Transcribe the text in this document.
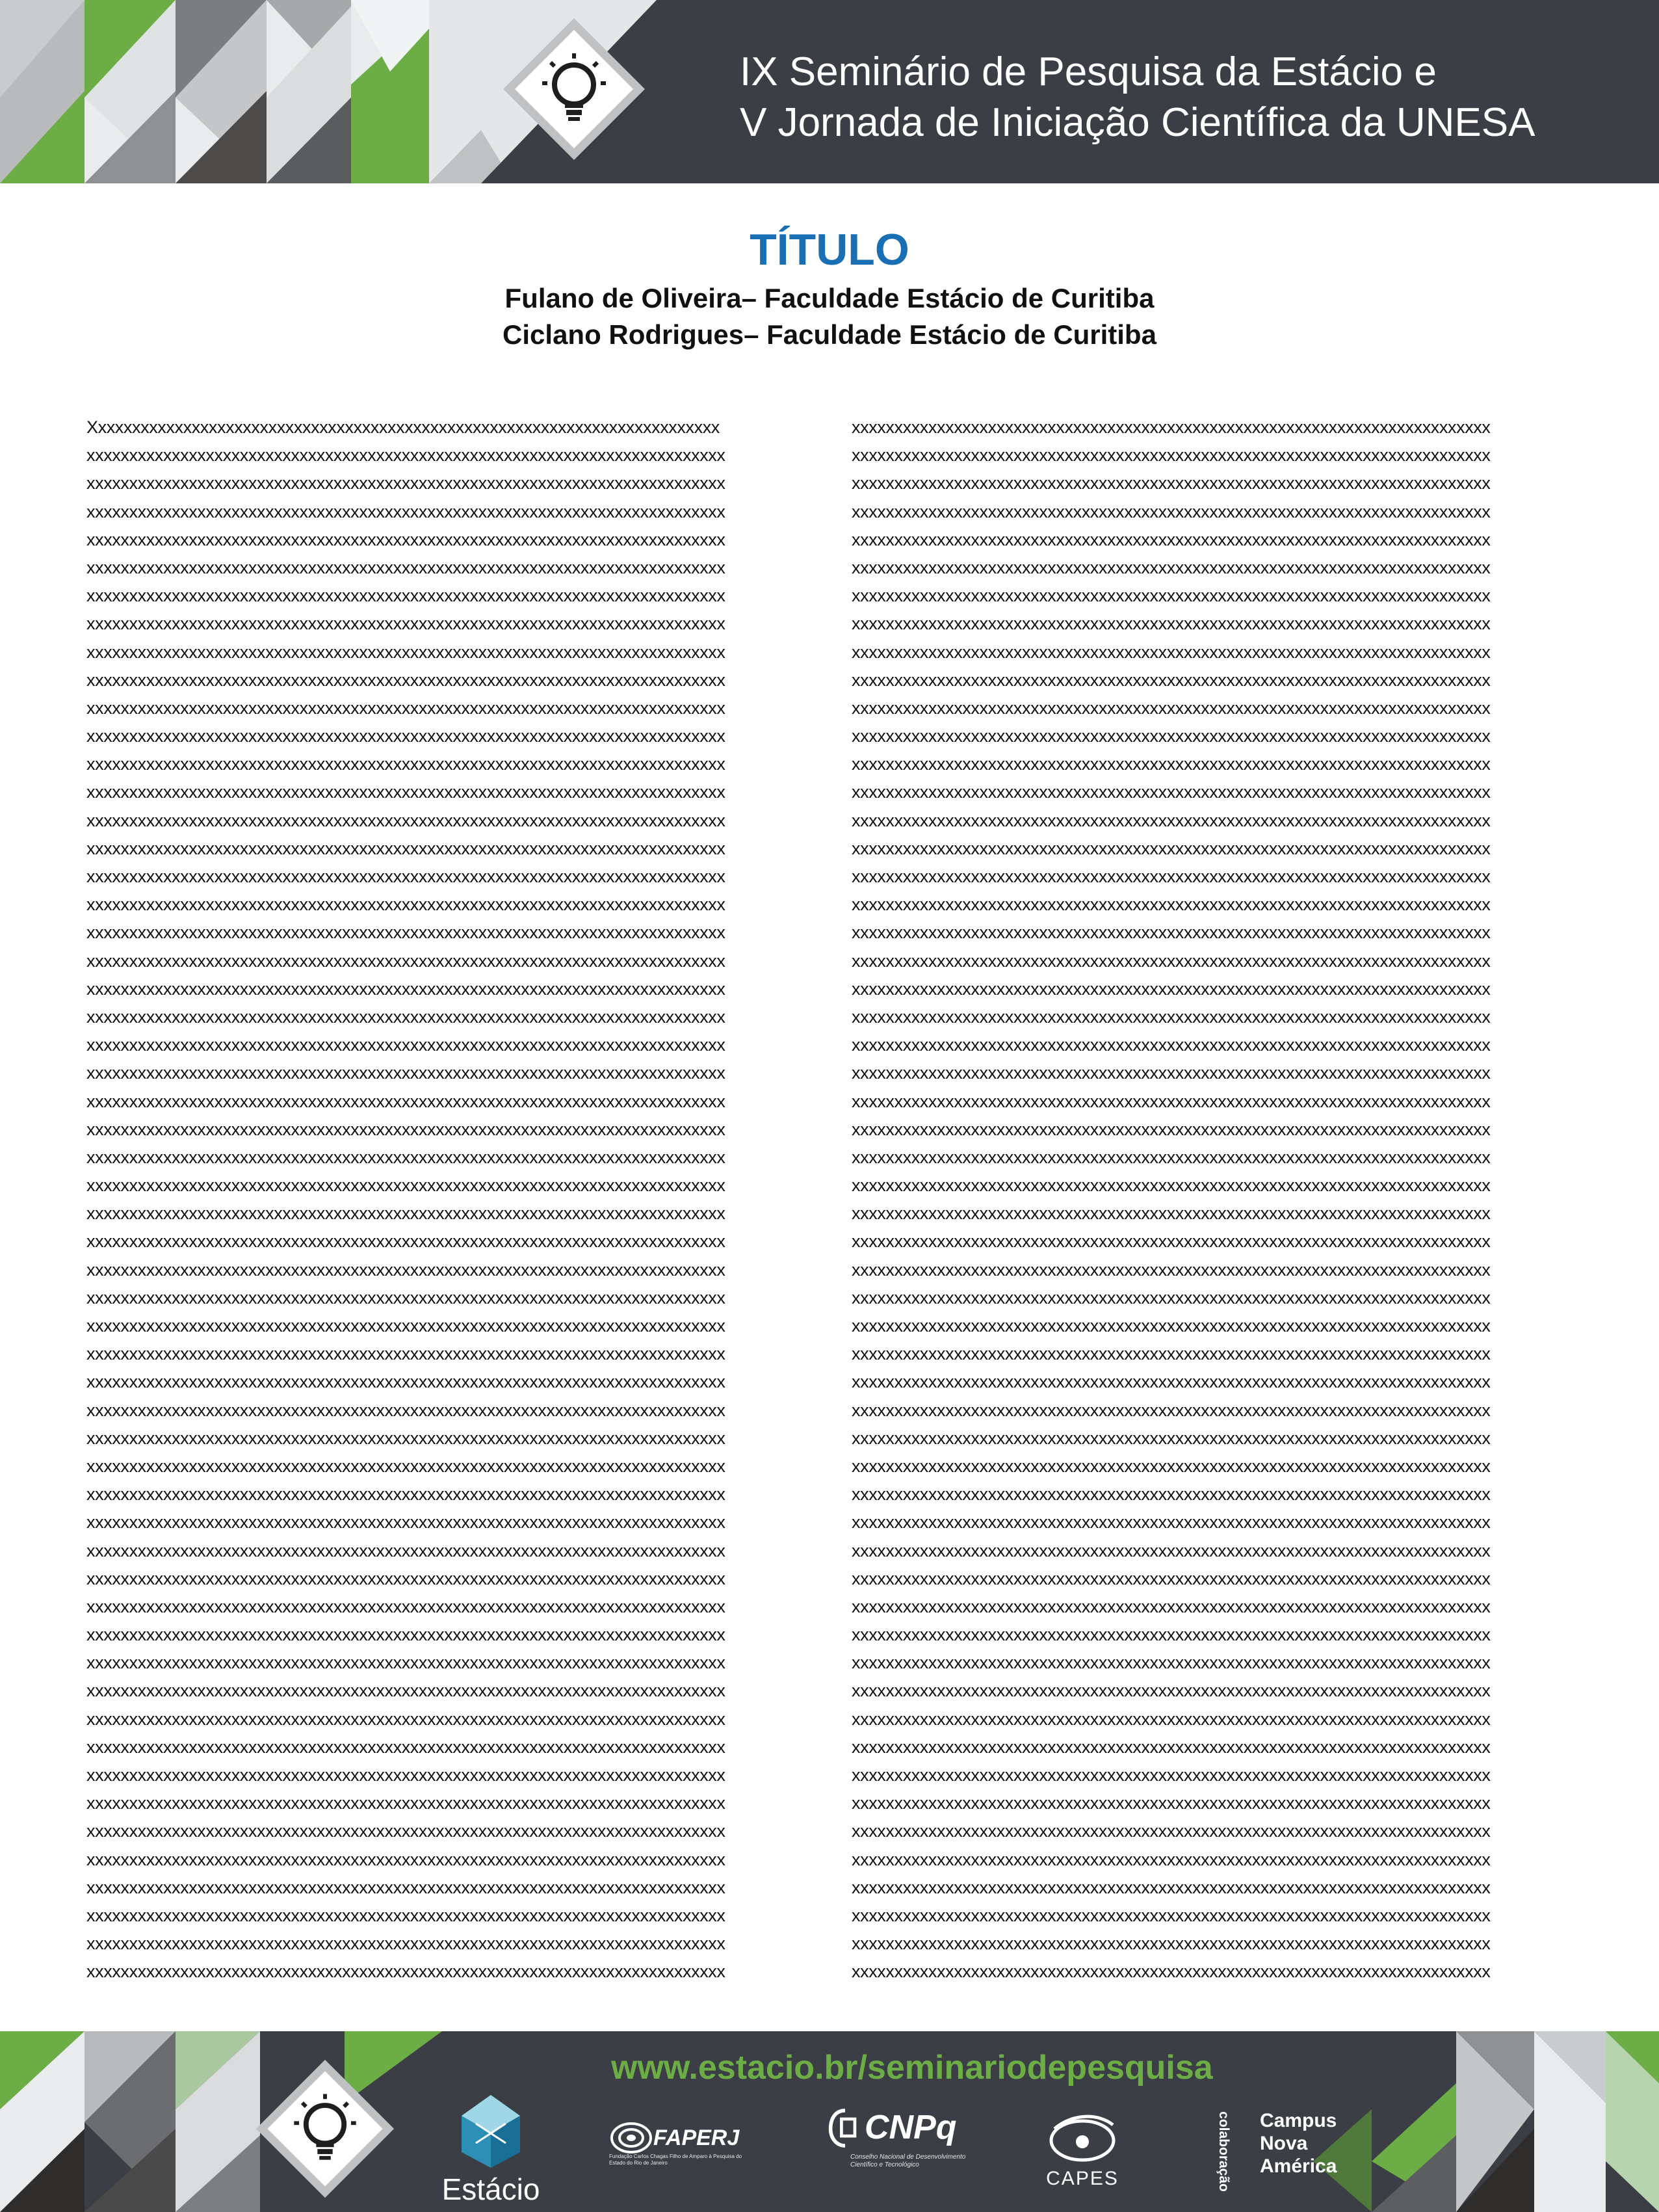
IX Seminário de Pesquisa da Estácio e
V Jornada de Iniciação Científica da UNESA
TÍTULO
Fulano de Oliveira– Faculdade Estácio de Curitiba
Ciclano Rodrigues– Faculdade Estácio de Curitiba
Xxxxxxxxxxxxxxxxxxxxxxxxxxxxxxxxxxxxxxxxxxxxxxxxxxxxxxxxxxxxxxxxxxxxxxxxxx
xxxxxxxxxxxxxxxxxxxxxxxxxxxxxxxxxxxxxxxxxxxxxxxxxxxxxxxxxxxxxxxxxxxxxxxxxxx
xxxxxxxxxxxxxxxxxxxxxxxxxxxxxxxxxxxxxxxxxxxxxxxxxxxxxxxxxxxxxxxxxxxxxxxxxxx
xxxxxxxxxxxxxxxxxxxxxxxxxxxxxxxxxxxxxxxxxxxxxxxxxxxxxxxxxxxxxxxxxxxxxxxxxxx
xxxxxxxxxxxxxxxxxxxxxxxxxxxxxxxxxxxxxxxxxxxxxxxxxxxxxxxxxxxxxxxxxxxxxxxxxxx
xxxxxxxxxxxxxxxxxxxxxxxxxxxxxxxxxxxxxxxxxxxxxxxxxxxxxxxxxxxxxxxxxxxxxxxxxxx
xxxxxxxxxxxxxxxxxxxxxxxxxxxxxxxxxxxxxxxxxxxxxxxxxxxxxxxxxxxxxxxxxxxxxxxxxxx
xxxxxxxxxxxxxxxxxxxxxxxxxxxxxxxxxxxxxxxxxxxxxxxxxxxxxxxxxxxxxxxxxxxxxxxxxxx
xxxxxxxxxxxxxxxxxxxxxxxxxxxxxxxxxxxxxxxxxxxxxxxxxxxxxxxxxxxxxxxxxxxxxxxxxxx
xxxxxxxxxxxxxxxxxxxxxxxxxxxxxxxxxxxxxxxxxxxxxxxxxxxxxxxxxxxxxxxxxxxxxxxxxxx
xxxxxxxxxxxxxxxxxxxxxxxxxxxxxxxxxxxxxxxxxxxxxxxxxxxxxxxxxxxxxxxxxxxxxxxxxxx
xxxxxxxxxxxxxxxxxxxxxxxxxxxxxxxxxxxxxxxxxxxxxxxxxxxxxxxxxxxxxxxxxxxxxxxxxxx
xxxxxxxxxxxxxxxxxxxxxxxxxxxxxxxxxxxxxxxxxxxxxxxxxxxxxxxxxxxxxxxxxxxxxxxxxxx
xxxxxxxxxxxxxxxxxxxxxxxxxxxxxxxxxxxxxxxxxxxxxxxxxxxxxxxxxxxxxxxxxxxxxxxxxxx
xxxxxxxxxxxxxxxxxxxxxxxxxxxxxxxxxxxxxxxxxxxxxxxxxxxxxxxxxxxxxxxxxxxxxxxxxxx
xxxxxxxxxxxxxxxxxxxxxxxxxxxxxxxxxxxxxxxxxxxxxxxxxxxxxxxxxxxxxxxxxxxxxxxxxxx
xxxxxxxxxxxxxxxxxxxxxxxxxxxxxxxxxxxxxxxxxxxxxxxxxxxxxxxxxxxxxxxxxxxxxxxxxxx
xxxxxxxxxxxxxxxxxxxxxxxxxxxxxxxxxxxxxxxxxxxxxxxxxxxxxxxxxxxxxxxxxxxxxxxxxxx
xxxxxxxxxxxxxxxxxxxxxxxxxxxxxxxxxxxxxxxxxxxxxxxxxxxxxxxxxxxxxxxxxxxxxxxxxxx
xxxxxxxxxxxxxxxxxxxxxxxxxxxxxxxxxxxxxxxxxxxxxxxxxxxxxxxxxxxxxxxxxxxxxxxxxxx
xxxxxxxxxxxxxxxxxxxxxxxxxxxxxxxxxxxxxxxxxxxxxxxxxxxxxxxxxxxxxxxxxxxxxxxxxxx
xxxxxxxxxxxxxxxxxxxxxxxxxxxxxxxxxxxxxxxxxxxxxxxxxxxxxxxxxxxxxxxxxxxxxxxxxxx
xxxxxxxxxxxxxxxxxxxxxxxxxxxxxxxxxxxxxxxxxxxxxxxxxxxxxxxxxxxxxxxxxxxxxxxxxxx
xxxxxxxxxxxxxxxxxxxxxxxxxxxxxxxxxxxxxxxxxxxxxxxxxxxxxxxxxxxxxxxxxxxxxxxxxxx
xxxxxxxxxxxxxxxxxxxxxxxxxxxxxxxxxxxxxxxxxxxxxxxxxxxxxxxxxxxxxxxxxxxxxxxxxxx
xxxxxxxxxxxxxxxxxxxxxxxxxxxxxxxxxxxxxxxxxxxxxxxxxxxxxxxxxxxxxxxxxxxxxxxxxxx
xxxxxxxxxxxxxxxxxxxxxxxxxxxxxxxxxxxxxxxxxxxxxxxxxxxxxxxxxxxxxxxxxxxxxxxxxxx
xxxxxxxxxxxxxxxxxxxxxxxxxxxxxxxxxxxxxxxxxxxxxxxxxxxxxxxxxxxxxxxxxxxxxxxxxxx
xxxxxxxxxxxxxxxxxxxxxxxxxxxxxxxxxxxxxxxxxxxxxxxxxxxxxxxxxxxxxxxxxxxxxxxxxxx
xxxxxxxxxxxxxxxxxxxxxxxxxxxxxxxxxxxxxxxxxxxxxxxxxxxxxxxxxxxxxxxxxxxxxxxxxxx
xxxxxxxxxxxxxxxxxxxxxxxxxxxxxxxxxxxxxxxxxxxxxxxxxxxxxxxxxxxxxxxxxxxxxxxxxxx
xxxxxxxxxxxxxxxxxxxxxxxxxxxxxxxxxxxxxxxxxxxxxxxxxxxxxxxxxxxxxxxxxxxxxxxxxxx
xxxxxxxxxxxxxxxxxxxxxxxxxxxxxxxxxxxxxxxxxxxxxxxxxxxxxxxxxxxxxxxxxxxxxxxxxxx
xxxxxxxxxxxxxxxxxxxxxxxxxxxxxxxxxxxxxxxxxxxxxxxxxxxxxxxxxxxxxxxxxxxxxxxxxxx
xxxxxxxxxxxxxxxxxxxxxxxxxxxxxxxxxxxxxxxxxxxxxxxxxxxxxxxxxxxxxxxxxxxxxxxxxxx
xxxxxxxxxxxxxxxxxxxxxxxxxxxxxxxxxxxxxxxxxxxxxxxxxxxxxxxxxxxxxxxxxxxxxxxxxxx
xxxxxxxxxxxxxxxxxxxxxxxxxxxxxxxxxxxxxxxxxxxxxxxxxxxxxxxxxxxxxxxxxxxxxxxxxxx
xxxxxxxxxxxxxxxxxxxxxxxxxxxxxxxxxxxxxxxxxxxxxxxxxxxxxxxxxxxxxxxxxxxxxxxxxxx
xxxxxxxxxxxxxxxxxxxxxxxxxxxxxxxxxxxxxxxxxxxxxxxxxxxxxxxxxxxxxxxxxxxxxxxxxxx
xxxxxxxxxxxxxxxxxxxxxxxxxxxxxxxxxxxxxxxxxxxxxxxxxxxxxxxxxxxxxxxxxxxxxxxxxxx
xxxxxxxxxxxxxxxxxxxxxxxxxxxxxxxxxxxxxxxxxxxxxxxxxxxxxxxxxxxxxxxxxxxxxxxxxxx
xxxxxxxxxxxxxxxxxxxxxxxxxxxxxxxxxxxxxxxxxxxxxxxxxxxxxxxxxxxxxxxxxxxxxxxxxxx
xxxxxxxxxxxxxxxxxxxxxxxxxxxxxxxxxxxxxxxxxxxxxxxxxxxxxxxxxxxxxxxxxxxxxxxxxxx
xxxxxxxxxxxxxxxxxxxxxxxxxxxxxxxxxxxxxxxxxxxxxxxxxxxxxxxxxxxxxxxxxxxxxxxxxxx
xxxxxxxxxxxxxxxxxxxxxxxxxxxxxxxxxxxxxxxxxxxxxxxxxxxxxxxxxxxxxxxxxxxxxxxxxxx
xxxxxxxxxxxxxxxxxxxxxxxxxxxxxxxxxxxxxxxxxxxxxxxxxxxxxxxxxxxxxxxxxxxxxxxxxxx
xxxxxxxxxxxxxxxxxxxxxxxxxxxxxxxxxxxxxxxxxxxxxxxxxxxxxxxxxxxxxxxxxxxxxxxxxxx
xxxxxxxxxxxxxxxxxxxxxxxxxxxxxxxxxxxxxxxxxxxxxxxxxxxxxxxxxxxxxxxxxxxxxxxxxxx
xxxxxxxxxxxxxxxxxxxxxxxxxxxxxxxxxxxxxxxxxxxxxxxxxxxxxxxxxxxxxxxxxxxxxxxxxxx
xxxxxxxxxxxxxxxxxxxxxxxxxxxxxxxxxxxxxxxxxxxxxxxxxxxxxxxxxxxxxxxxxxxxxxxxxxx
xxxxxxxxxxxxxxxxxxxxxxxxxxxxxxxxxxxxxxxxxxxxxxxxxxxxxxxxxxxxxxxxxxxxxxxxxxx
xxxxxxxxxxxxxxxxxxxxxxxxxxxxxxxxxxxxxxxxxxxxxxxxxxxxxxxxxxxxxxxxxxxxxxxxxxx
xxxxxxxxxxxxxxxxxxxxxxxxxxxxxxxxxxxxxxxxxxxxxxxxxxxxxxxxxxxxxxxxxxxxxxxxxxx
xxxxxxxxxxxxxxxxxxxxxxxxxxxxxxxxxxxxxxxxxxxxxxxxxxxxxxxxxxxxxxxxxxxxxxxxxxx
xxxxxxxxxxxxxxxxxxxxxxxxxxxxxxxxxxxxxxxxxxxxxxxxxxxxxxxxxxxxxxxxxxxxxxxxxxx
xxxxxxxxxxxxxxxxxxxxxxxxxxxxxxxxxxxxxxxxxxxxxxxxxxxxxxxxxxxxxxxxxxxxxxxxxxx
xxxxxxxxxxxxxxxxxxxxxxxxxxxxxxxxxxxxxxxxxxxxxxxxxxxxxxxxxxxxxxxxxxxxxxxxxxx
xxxxxxxxxxxxxxxxxxxxxxxxxxxxxxxxxxxxxxxxxxxxxxxxxxxxxxxxxxxxxxxxxxxxxxxxxxx
xxxxxxxxxxxxxxxxxxxxxxxxxxxxxxxxxxxxxxxxxxxxxxxxxxxxxxxxxxxxxxxxxxxxxxxxxxx
xxxxxxxxxxxxxxxxxxxxxxxxxxxxxxxxxxxxxxxxxxxxxxxxxxxxxxxxxxxxxxxxxxxxxxxxxxx
xxxxxxxxxxxxxxxxxxxxxxxxxxxxxxxxxxxxxxxxxxxxxxxxxxxxxxxxxxxxxxxxxxxxxxxxxxx
xxxxxxxxxxxxxxxxxxxxxxxxxxxxxxxxxxxxxxxxxxxxxxxxxxxxxxxxxxxxxxxxxxxxxxxxxxx
xxxxxxxxxxxxxxxxxxxxxxxxxxxxxxxxxxxxxxxxxxxxxxxxxxxxxxxxxxxxxxxxxxxxxxxxxxx
xxxxxxxxxxxxxxxxxxxxxxxxxxxxxxxxxxxxxxxxxxxxxxxxxxxxxxxxxxxxxxxxxxxxxxxxxxx
xxxxxxxxxxxxxxxxxxxxxxxxxxxxxxxxxxxxxxxxxxxxxxxxxxxxxxxxxxxxxxxxxxxxxxxxxxx
xxxxxxxxxxxxxxxxxxxxxxxxxxxxxxxxxxxxxxxxxxxxxxxxxxxxxxxxxxxxxxxxxxxxxxxxxxx
xxxxxxxxxxxxxxxxxxxxxxxxxxxxxxxxxxxxxxxxxxxxxxxxxxxxxxxxxxxxxxxxxxxxxxxxxxx
xxxxxxxxxxxxxxxxxxxxxxxxxxxxxxxxxxxxxxxxxxxxxxxxxxxxxxxxxxxxxxxxxxxxxxxxxxx
xxxxxxxxxxxxxxxxxxxxxxxxxxxxxxxxxxxxxxxxxxxxxxxxxxxxxxxxxxxxxxxxxxxxxxxxxxx
xxxxxxxxxxxxxxxxxxxxxxxxxxxxxxxxxxxxxxxxxxxxxxxxxxxxxxxxxxxxxxxxxxxxxxxxxxx
xxxxxxxxxxxxxxxxxxxxxxxxxxxxxxxxxxxxxxxxxxxxxxxxxxxxxxxxxxxxxxxxxxxxxxxxxxx
xxxxxxxxxxxxxxxxxxxxxxxxxxxxxxxxxxxxxxxxxxxxxxxxxxxxxxxxxxxxxxxxxxxxxxxxxxx
xxxxxxxxxxxxxxxxxxxxxxxxxxxxxxxxxxxxxxxxxxxxxxxxxxxxxxxxxxxxxxxxxxxxxxxxxxx
xxxxxxxxxxxxxxxxxxxxxxxxxxxxxxxxxxxxxxxxxxxxxxxxxxxxxxxxxxxxxxxxxxxxxxxxxxx
xxxxxxxxxxxxxxxxxxxxxxxxxxxxxxxxxxxxxxxxxxxxxxxxxxxxxxxxxxxxxxxxxxxxxxxxxxx
xxxxxxxxxxxxxxxxxxxxxxxxxxxxxxxxxxxxxxxxxxxxxxxxxxxxxxxxxxxxxxxxxxxxxxxxxxx
xxxxxxxxxxxxxxxxxxxxxxxxxxxxxxxxxxxxxxxxxxxxxxxxxxxxxxxxxxxxxxxxxxxxxxxxxxx
xxxxxxxxxxxxxxxxxxxxxxxxxxxxxxxxxxxxxxxxxxxxxxxxxxxxxxxxxxxxxxxxxxxxxxxxxxx
xxxxxxxxxxxxxxxxxxxxxxxxxxxxxxxxxxxxxxxxxxxxxxxxxxxxxxxxxxxxxxxxxxxxxxxxxxx
xxxxxxxxxxxxxxxxxxxxxxxxxxxxxxxxxxxxxxxxxxxxxxxxxxxxxxxxxxxxxxxxxxxxxxxxxxx
xxxxxxxxxxxxxxxxxxxxxxxxxxxxxxxxxxxxxxxxxxxxxxxxxxxxxxxxxxxxxxxxxxxxxxxxxxx
xxxxxxxxxxxxxxxxxxxxxxxxxxxxxxxxxxxxxxxxxxxxxxxxxxxxxxxxxxxxxxxxxxxxxxxxxxx
xxxxxxxxxxxxxxxxxxxxxxxxxxxxxxxxxxxxxxxxxxxxxxxxxxxxxxxxxxxxxxxxxxxxxxxxxxx
xxxxxxxxxxxxxxxxxxxxxxxxxxxxxxxxxxxxxxxxxxxxxxxxxxxxxxxxxxxxxxxxxxxxxxxxxxx
xxxxxxxxxxxxxxxxxxxxxxxxxxxxxxxxxxxxxxxxxxxxxxxxxxxxxxxxxxxxxxxxxxxxxxxxxxx
xxxxxxxxxxxxxxxxxxxxxxxxxxxxxxxxxxxxxxxxxxxxxxxxxxxxxxxxxxxxxxxxxxxxxxxxxxx
xxxxxxxxxxxxxxxxxxxxxxxxxxxxxxxxxxxxxxxxxxxxxxxxxxxxxxxxxxxxxxxxxxxxxxxxxxx
xxxxxxxxxxxxxxxxxxxxxxxxxxxxxxxxxxxxxxxxxxxxxxxxxxxxxxxxxxxxxxxxxxxxxxxxxxx
xxxxxxxxxxxxxxxxxxxxxxxxxxxxxxxxxxxxxxxxxxxxxxxxxxxxxxxxxxxxxxxxxxxxxxxxxxx
xxxxxxxxxxxxxxxxxxxxxxxxxxxxxxxxxxxxxxxxxxxxxxxxxxxxxxxxxxxxxxxxxxxxxxxxxxx
xxxxxxxxxxxxxxxxxxxxxxxxxxxxxxxxxxxxxxxxxxxxxxxxxxxxxxxxxxxxxxxxxxxxxxxxxxx
xxxxxxxxxxxxxxxxxxxxxxxxxxxxxxxxxxxxxxxxxxxxxxxxxxxxxxxxxxxxxxxxxxxxxxxxxxx
xxxxxxxxxxxxxxxxxxxxxxxxxxxxxxxxxxxxxxxxxxxxxxxxxxxxxxxxxxxxxxxxxxxxxxxxxxx
xxxxxxxxxxxxxxxxxxxxxxxxxxxxxxxxxxxxxxxxxxxxxxxxxxxxxxxxxxxxxxxxxxxxxxxxxxx
xxxxxxxxxxxxxxxxxxxxxxxxxxxxxxxxxxxxxxxxxxxxxxxxxxxxxxxxxxxxxxxxxxxxxxxxxxx
xxxxxxxxxxxxxxxxxxxxxxxxxxxxxxxxxxxxxxxxxxxxxxxxxxxxxxxxxxxxxxxxxxxxxxxxxxx
xxxxxxxxxxxxxxxxxxxxxxxxxxxxxxxxxxxxxxxxxxxxxxxxxxxxxxxxxxxxxxxxxxxxxxxxxxx
xxxxxxxxxxxxxxxxxxxxxxxxxxxxxxxxxxxxxxxxxxxxxxxxxxxxxxxxxxxxxxxxxxxxxxxxxxx
xxxxxxxxxxxxxxxxxxxxxxxxxxxxxxxxxxxxxxxxxxxxxxxxxxxxxxxxxxxxxxxxxxxxxxxxxxx
xxxxxxxxxxxxxxxxxxxxxxxxxxxxxxxxxxxxxxxxxxxxxxxxxxxxxxxxxxxxxxxxxxxxxxxxxxx
xxxxxxxxxxxxxxxxxxxxxxxxxxxxxxxxxxxxxxxxxxxxxxxxxxxxxxxxxxxxxxxxxxxxxxxxxxx
xxxxxxxxxxxxxxxxxxxxxxxxxxxxxxxxxxxxxxxxxxxxxxxxxxxxxxxxxxxxxxxxxxxxxxxxxxx
xxxxxxxxxxxxxxxxxxxxxxxxxxxxxxxxxxxxxxxxxxxxxxxxxxxxxxxxxxxxxxxxxxxxxxxxxxx
xxxxxxxxxxxxxxxxxxxxxxxxxxxxxxxxxxxxxxxxxxxxxxxxxxxxxxxxxxxxxxxxxxxxxxxxxxx
xxxxxxxxxxxxxxxxxxxxxxxxxxxxxxxxxxxxxxxxxxxxxxxxxxxxxxxxxxxxxxxxxxxxxxxxxxx
xxxxxxxxxxxxxxxxxxxxxxxxxxxxxxxxxxxxxxxxxxxxxxxxxxxxxxxxxxxxxxxxxxxxxxxxxxx
xxxxxxxxxxxxxxxxxxxxxxxxxxxxxxxxxxxxxxxxxxxxxxxxxxxxxxxxxxxxxxxxxxxxxxxxxxx
xxxxxxxxxxxxxxxxxxxxxxxxxxxxxxxxxxxxxxxxxxxxxxxxxxxxxxxxxxxxxxxxxxxxxxxxxxx
xxxxxxxxxxxxxxxxxxxxxxxxxxxxxxxxxxxxxxxxxxxxxxxxxxxxxxxxxxxxxxxxxxxxxxxxxxx
xxxxxxxxxxxxxxxxxxxxxxxxxxxxxxxxxxxxxxxxxxxxxxxxxxxxxxxxxxxxxxxxxxxxxxxxxxx
xxxxxxxxxxxxxxxxxxxxxxxxxxxxxxxxxxxxxxxxxxxxxxxxxxxxxxxxxxxxxxxxxxxxxxxxxxx
xxxxxxxxxxxxxxxxxxxxxxxxxxxxxxxxxxxxxxxxxxxxxxxxxxxxxxxxxxxxxxxxxxxxxxxxxxx
www.estacio.br/seminariodepesquisa
Estácio
FAPERJ
Fundação Carlos Chagas Filho de Amparo à Pesquisa do Estado do Rio de Janeiro
CNPq
Conselho Nacional de Desenvolvimento Científico e Tecnológico
CAPES	colaboração Campus
Nova
América
